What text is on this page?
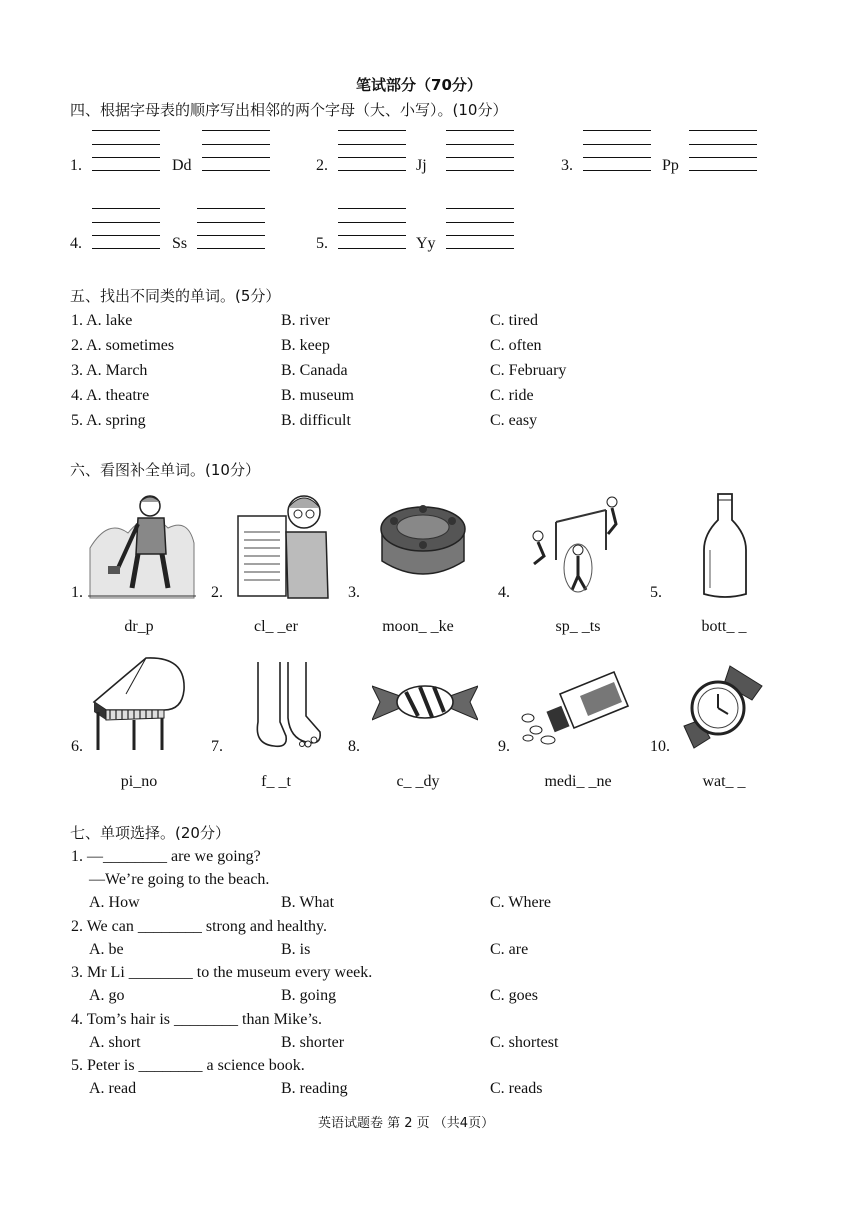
笔试部分（70分）
四、根据字母表的顺序写出相邻的两个字母（大、小写）。(10分）
1.	Dd	2.	Jj	3.	Pp
4.	Ss	5.	Yy
五、找出不同类的单词。(5分）
1. A. lake	B. river	C. tired
2. A. sometimes	B. keep	C. often
3. A. March	B. Canada	C. February
4. A. theatre	B. museum	C. ride
5. A. spring	B. difficult	C. easy
六、看图补全单词。(10分）
1.
dr_p
2.
cl_ _er
3.
moon_ _ke
4.
sp_ _ts
5.
bott_ _
6.
pi_no
7.
f_ _t
8.
c_ _dy
9.
medi_ _ne
10.
wat_ _
七、单项选择。(20分）
1. —________ are we going?
—We’re going to the beach.
A. How	B. What	C. Where
2. We can ________ strong and healthy.
A. be	B. is	C. are
3. Mr Li ________ to the museum every week.
A. go	B. going	C. goes
4. Tom’s hair is ________ than Mike’s.
A. short	B. shorter	C. shortest
5. Peter is ________ a science book.
A. read	B. reading	C. reads
英语试题卷 第 2 页 （共4页）
